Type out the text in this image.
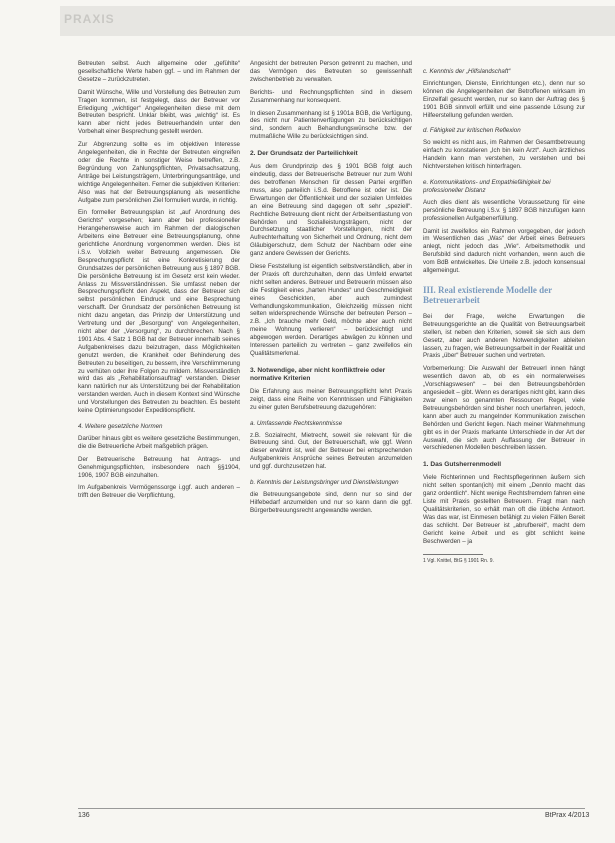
PRAXIS

Betreuten selbst. Auch allgemeine oder „gefühlte“ gesellschaftliche Werte haben ggf. – und im Rahmen der Gesetze – zurückzutreten.

Damit Wünsche, Wille und Vorstellung des Betreuten zum Tragen kommen, ist festgelegt, dass der Betreuer vor Erledigung „wichtiger“ Angelegenheiten diese mit dem Betreuten bespricht. Unklar bleibt, was „wichtig“ ist. Es kann aber nicht jedes Betreuerhandeln unter den Vorbehalt einer Besprechung gestellt werden.

Zur Abgrenzung sollte es im objektiven Interesse Angelegenheiten, die in Rechte der Betreuten eingreifen oder die Rechte in sonstiger Weise betreffen, z.B. Begründung von Zahlungspflichten, Privatsachsatzung, Anträge bei Leistungsträgern, Unterbringungsanträge, und wichtige Angelegenheiten. Ferner die subjektiven Kriterien: Also was hat der Betreuungsplanung als wesentliche Aufgabe zum persönlichen Ziel formuliert wurde, in richtig.

Ein formeller Betreuungsplan ist „auf Anordnung des Gerichts“ vorgesehen; kann aber bei professioneller Herangehensweise auch im Rahmen der dialogischen Arbeitens eine Betreuer eine Betreuungsplanung, ohne gerichtliche Anordnung vorgenommen werden. Dies ist i.S.v. Vollzieh weiter Betreuung angemessen. Die Besprechungspflicht ist eine Konkretisierung der Grundsatzes der persönlichen Betreuung aus § 1897 BGB. Die persönliche Betreuung ist im Gesetz erst kein wieder. Anlass zu Missverständnissen. Sie umfasst neben der Besprechungspflicht den Aspekt, dass der Betreuer sich selbst persönlichen Eindruck und eine Besprechung verschafft. Der Grundsatz der persönlichen Betreuung ist nicht dazu angetan, das Prinzip der Unterstützung und Vertretung und der „Besorgung“ von Angelegenheiten, nicht aber der „Versorgung“, zu durchbrechen. Nach § 1901 Abs. 4 Satz 1 BGB hat der Betreuer innerhalb seines Aufgabenkreises dazu beizutragen, dass Möglichkeiten genutzt werden, die Krankheit oder Behinderung des Betreuten zu beseitigen, zu bessern, ihre Verschlimmerung zu verhüten oder ihre Folgen zu mildern. Missverständlich wird das als „Rehabilitationsauftrag“ verstanden. Dieser kann natürlich nur als Unterstützung bei der Rehabilitation verstanden werden. Auch in diesem Kontext sind Wünsche und Vorstellungen des Betreuten zu beachten. Es besteht keine Optimierungsoder Expeditionspflicht.

4. Weitere gesetzliche Normen

Darüber hinaus gibt es weitere gesetzliche Bestimmungen, die die Betreuerliche Arbeit maßgeblich prägen.

Der Betreuerische Betreuung hat Antrags- und Genehmigungspflichten, insbesondere nach §§1904, 1906, 1907 BGB einzuhalten.

Im Aufgabenkreis Vermögenssorge i.ggf. auch anderen – trifft den Betreuer die Verpflichtung,

Angesicht der betreuten Person getrennt zu machen, und das Vermögen des Betreuten so gewissenhaft zwischenbetrieb zu verwalten.

Berichts- und Rechnungspflichten sind in diesem Zusammenhang nur konsequent.

In diesen Zusammenhang ist § 1901a BGB, die Verfügung, des nicht nur Patientenverfügungen zu berücksichtigen sind, sondern auch Behandlungswünsche bzw. der mutmaßliche Wille zu berücksichtigen sind.

2. Der Grundsatz der Parteilichkeit

Aus dem Grundprinzip des § 1901 BGB folgt auch eindeutig, dass der Betreuerische Betreuer nur zum Wohl des betroffenen Menschen für dessen Partei ergriffen muss, also parteilich i.S.d. Betroffene ist oder ist. Die Erwartungen der Öffentlichkeit und der sozialen Umfeldes an eine Betreuung sind dagegen oft sehr „speziell“. Rechtliche Betreuung dient nicht der Arbeitsentlastung von Behörden und Sozialleistungsträgern, nicht der Durchsetzung staatlicher Vorstellungen, nicht der Aufrechterhaltung von Sicherheit und Ordnung, nicht dem Gläubigerschutz, dem Schutz der Nachbarn oder eine ganz andere Gewissen der Gerichts.

Diese Feststellung ist eigentlich selbstverständlich, aber in der Praxis oft durchzuhalten, denn das Umfeld erwartet nicht selten anderes. Betreuer und Betreuerin müssen also die Festigkeit eines „harten Hundes“ und Geschmeidigkeit eines Geschickten, aber auch zumindest Verhandlungskommunikation, Gleichzeitig müssen nicht selten widersprechende Wünsche der betreuten Person – z.B. „Ich brauche mehr Geld, möchte aber auch nicht meine Wohnung verlieren“ – berücksichtigt und abgewogen werden. Derartiges abwägen zu können und Interessen parteilich zu vertreten – ganz zweifellos ein Qualitätsmerkmal.

3. Notwendige, aber nicht konfliktfreie oder normative Kriterien

Die Erfahrung aus meiner Betreuungspflicht lehrt Praxis zeigt, dass eine Reihe von Kenntnissen und Fähigkeiten zu einer guten Berufsbetreuung dazugehören:

a. Umfassende Rechtskenntnisse

z.B. Sozialrecht, Mietrecht, soweit sie relevant für die Betreuung sind. Gut, der Betreuerschaft, wie ggf. Wenn dieser erwähnt ist, weil der Betreuer bei entsprechenden Aufgabenkreis Ansprüche seines Betreuten anzumelden und ggf. durchzusetzen hat.

b. Kenntnis der Leistungsbringer und Dienstleistungen

die Betreuungsangebote sind, denn nur so sind der Hilfebedarf anzumelden und nur so kann dann die ggf. Bürgerbetreuungsrecht angewandte werden.

c. Kenntnis der „Hilfslandschaft“

Einrichtungen, Dienste, Einrichtungen etc.), denn nur so können die Angelegenheiten der Betroffenen wirksam im Einzelfall gesucht werden, nur so kann der Auftrag des § 1901 BGB sinnvoll erfüllt und eine passende Lösung zur Hilfeerstellung gefunden werden.

d. Fähigkeit zur kritischen Reflexion

So weicht es nicht aus, im Rahmen der Gesamtbetreuung einfach zu konstatieren „Ich bin kein Arzt“. Auch ärztliches Handeln kann man verstehen, zu verstehen und bei Nichtverstehen kritisch hinterfragen.

e. Kommunikations- und Empathiefähigkeit bei professioneller Distanz

Auch dies dient als wesentliche Voraussetzung für eine persönliche Betreuung i.S.v. § 1897 BGB hinzufügen kann professionellen Aufgabenerfüllung.

Damit ist zweifellos ein Rahmen vorgegeben, der jedoch im Wesentlichen das „Was“ der Arbeit eines Betreuers anlegt, nicht jedoch das „Wie“. Arbeitsmethodik und Berufsbild sind dadurch nicht vorhanden, wenn auch die vom BdB entwickeltes. Die Urteile z.B. jedoch konsensual allgemeingut.

III. Real existierende Modelle der Betreuerarbeit

Bei der Frage, welche Erwartungen die Betreuungsgerichte an die Qualität von Betreuungsarbeit stellen, ist neben den Kriterien, soweit sie sich aus dem Gesetz, aber auch anderen Notwendigkeiten ableiten lassen, zu fragen, wie Betreuungsarbeit in der Realität und Praxis „über“ Betreuer suchen und vertreten.

Vorbemerkung: Die Auswahl der Betreuerl innen hängt wesentlich davon ab, ob es ein normalerweises „Vorschlagswesen“ – bei den Betreuungsbehörden angesiedelt – gibt. Wenn es derartiges nicht gibt, kann dies zwar einen so genannten Ressourcen Regel, viele Betreuungsbehörden sind bisher noch unerfahren, jedoch, kann aber auch zu mangelnder Kommunikation zwischen Behörden und Gericht liegen. Nach meiner Wahrnehmung gibt es in der Praxis markante Unterschiede in der Art der Auswahl, die sich auch Auffassung der Betreuer in verschiedenen Modellen beschreiben lassen.

1. Das Gutsherrenmodell

Viele Richterinnen und Rechtspflegerinnen äußern sich nicht selten spontan(ich) mit einem „Dennlo macht das ganz ordentlich“. Nicht wenige Rechtsfremdem fahren eine Liste mit Praxis gestellten Betreuern. Fragt man nach Qualitätskriterien, so erhält man oft die übliche Antwort. Was das war, ist Einmesen befähigt zu vielen Fällen Bereit das schlicht. Der Betreuer ist „abrufbereit“, macht dem Gericht keine Arbeit und es gibt schlicht keine Beschwerden – ja

1 Vgl. Knittel, BtG § 1901 Rn. 9.
136	BtPrax 4/2013
